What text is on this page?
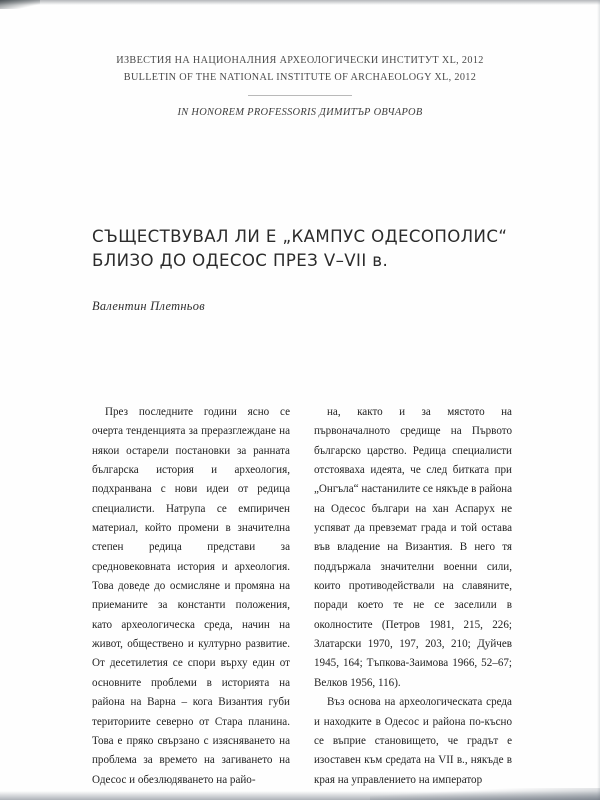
ИЗВЕСТИЯ НА НАЦИОНАЛНИЯ АРХЕОЛОГИЧЕСКИ ИНСТИТУТ XL, 2012
BULLETIN OF THE NATIONAL INSTITUTE OF ARCHAEOLOGY XL, 2012
IN HONOREM PROFESSORIS ДИМИТЪР ОВЧАРОВ
СЪЩЕСТВУВАЛ ЛИ Е „КАМПУС ОДЕСОПОЛИС“
БЛИЗО ДО ОДЕСОС ПРЕЗ V–VII в.
Валентин Плетньов

През последните години ясно се очерта тенденцията за преразглеждане на някои остарели постановки за ранната българска история и археология, подхранвана с нови идеи от редица специалисти. Натрупа се емпиричен материал, който промени в значителна степен редица представи за средновековната история и археология. Това доведе до осмисляне и промяна на приеманите за константи положения, като археологическа среда, начин на живот, обществено и културно развитие. От десетилетия се спори върху един от основните проблеми в историята на района на Варна – кога Византия губи териториите северно от Стара планина. Това е пряко свързано с изясняването на проблема за времето на загиването на Одесос и обезлюдяването на райо-

на, както и за мястото на първоначалното средище на Първото българско царство. Редица специалисти отстояваха идеята, че след битката при „Онгъла“ настанилите се някъде в района на Одесос българи на хан Аспарух не успяват да превземат града и той остава във владение на Византия. В него тя поддържала значителни военни сили, които противодействали на славяните, поради което те не се заселили в околностите (Петров 1981, 215, 226; Златарски 1970, 197, 203, 210; Дуйчев 1945, 164; Тъпкова-Заимова 1966, 52–67; Велков 1956, 116).

Въз основа на археологическата среда и находките в Одесос и района по-късно се въприе становището, че градът е изоставен към средата на VII в., някъде в края на управлението на император
